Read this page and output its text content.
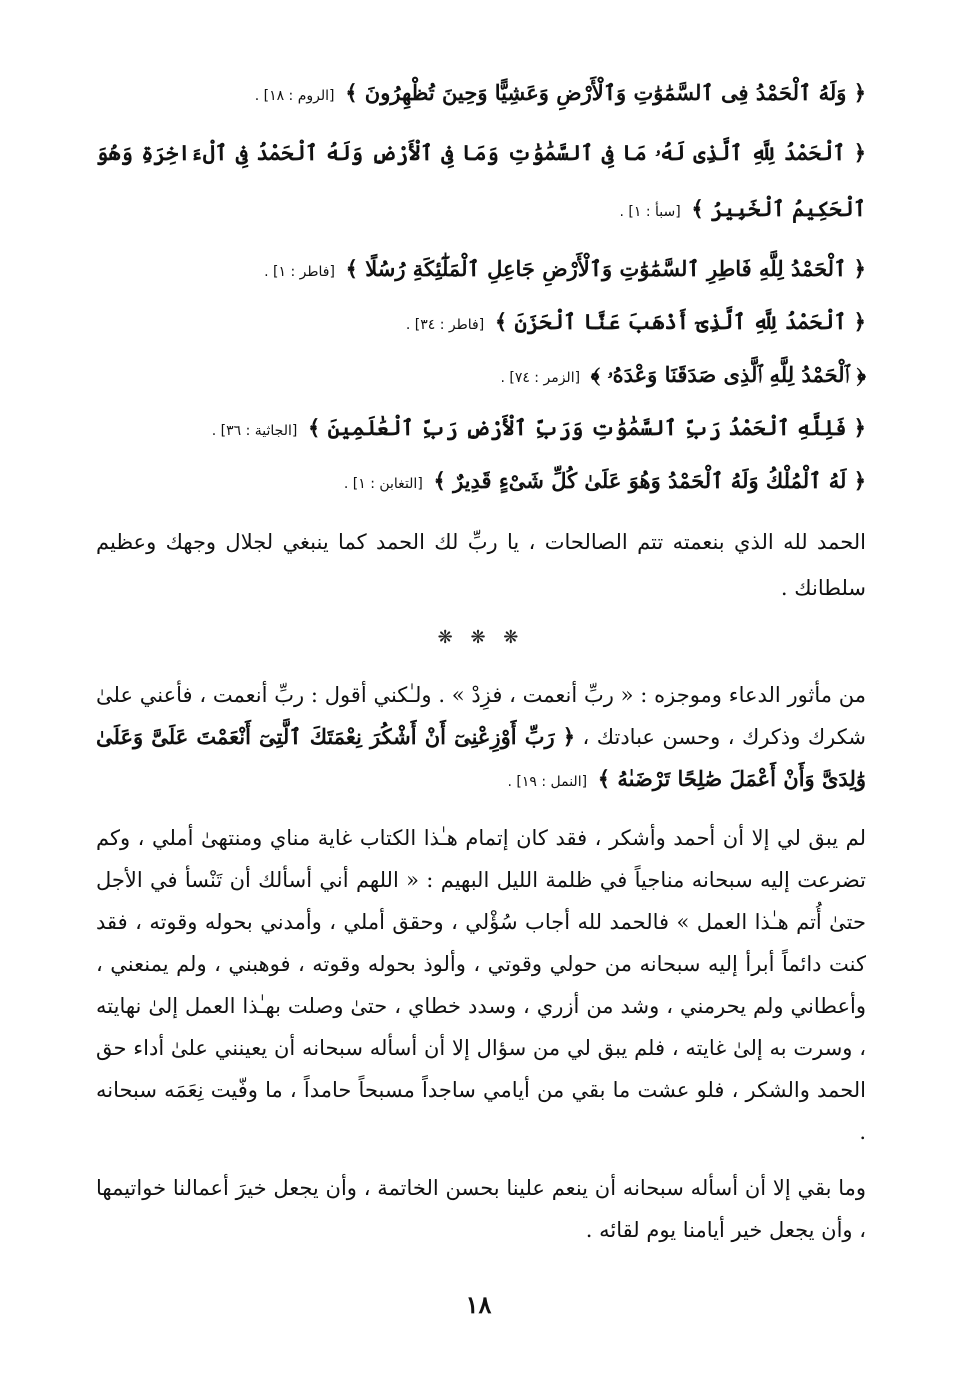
﴿ وَلَهُ ٱلْحَمْدُ فِى ٱلسَّمَٰوَٰتِ وَٱلْأَرْضِ وَعَشِيًّا وَحِينَ تُظْهِرُونَ ﴾ [الروم : ١٨] .
﴿ ٱلْحَمْدُ لِلَّهِ ٱلَّذِى لَهُۥ مَا فِى ٱلسَّمَٰوَٰتِ وَمَا فِى ٱلْأَرْضِ وَلَهُ ٱلْحَمْدُ فِى ٱلْءَاخِرَةِ وَهُوَ ٱلْحَكِيمُ ٱلْخَبِيرُ ﴾ [سبأ : ١] .
﴿ ٱلْحَمْدُ لِلَّهِ فَاطِرِ ٱلسَّمَٰوَٰتِ وَٱلْأَرْضِ جَاعِلِ ٱلْمَلَٰٓئِكَةِ رُسُلًا ﴾ [فاطر : ١] .
﴿ ٱلْحَمْدُ لِلَّهِ ٱلَّذِىٓ أَذْهَبَ عَنَّا ٱلْحَزَنَ ﴾ [فاطر : ٣٤] .
﴿ ٱلْحَمْدُ لِلَّهِ ٱلَّذِى صَدَقَنَا وَعْدَهُۥ ﴾ [الزمر : ٧٤] .
﴿ فَلِلَّهِ ٱلْحَمْدُ رَبِّ ٱلسَّمَٰوَٰتِ وَرَبِّ ٱلْأَرْضِ رَبِّ ٱلْعَٰلَمِينَ ﴾ [الجاثية : ٣٦] .
﴿ لَهُ ٱلْمُلْكُ وَلَهُ ٱلْحَمْدُ وَهُوَ عَلَىٰ كُلِّ شَىْءٍ قَدِيرٌ ﴾ [التغابن : ١] .

الحمد لله الذي بنعمته تتم الصالحات ، يا ربِّ لك الحمد كما ينبغي لجلال وجهك وعظيم سلطانك .

❋ ❋ ❋

من مأثور الدعاء وموجزه : « ربِّ أنعمت ، فزِدْ » . ولـٰكني أقول : ربِّ أنعمت ، فأعني علىٰ شكرك وذكرك ، وحسن عبادتك ، ﴿ رَبِّ أَوْزِعْنِىٓ أَنْ أَشْكُرَ نِعْمَتَكَ ٱلَّتِىٓ أَنْعَمْتَ عَلَىَّ وَعَلَىٰ وَٰلِدَىَّ وَأَنْ أَعْمَلَ صَٰلِحًا تَرْضَىٰهُ ﴾ [النمل : ١٩] .

لم يبق لي إلا أن أحمد وأشكر ، فقد كان إتمام هـٰذا الكتاب غاية مناي ومنتهىٰ أملي ، وكم تضرعت إليه سبحانه مناجياً في ظلمة الليل البهيم : « اللهم أني أسألك أن تَنْسأ في الأجل حتىٰ أُتم هـٰذا العمل » فالحمد لله أجاب سُؤْلي ، وحقق أملي ، وأمدني بحوله وقوته ، فقد كنت دائماً أبرأ إليه سبحانه من حولي وقوتي ، وألوذ بحوله وقوته ، فوهبني ، ولم يمنعني ، وأعطاني ولم يحرمني ، وشد من أزري ، وسدد خطاي ، حتىٰ وصلت بهـٰذا العمل إلىٰ نهايته ، وسرت به إلىٰ غايته ، فلم يبق لي من سؤال إلا أن أسأله سبحانه أن يعينني علىٰ أداء حق الحمد والشكر ، فلو عشت ما بقي من أيامي ساجداً مسبحاً حامداً ، ما وفّيت نِعَمَه سبحانه .

وما بقي إلا أن أسأله سبحانه أن ينعم علينا بحسن الخاتمة ، وأن يجعل خيرَ أعمالنا خواتيمها ، وأن يجعل خير أيامنا يوم لقائه .

١٨
